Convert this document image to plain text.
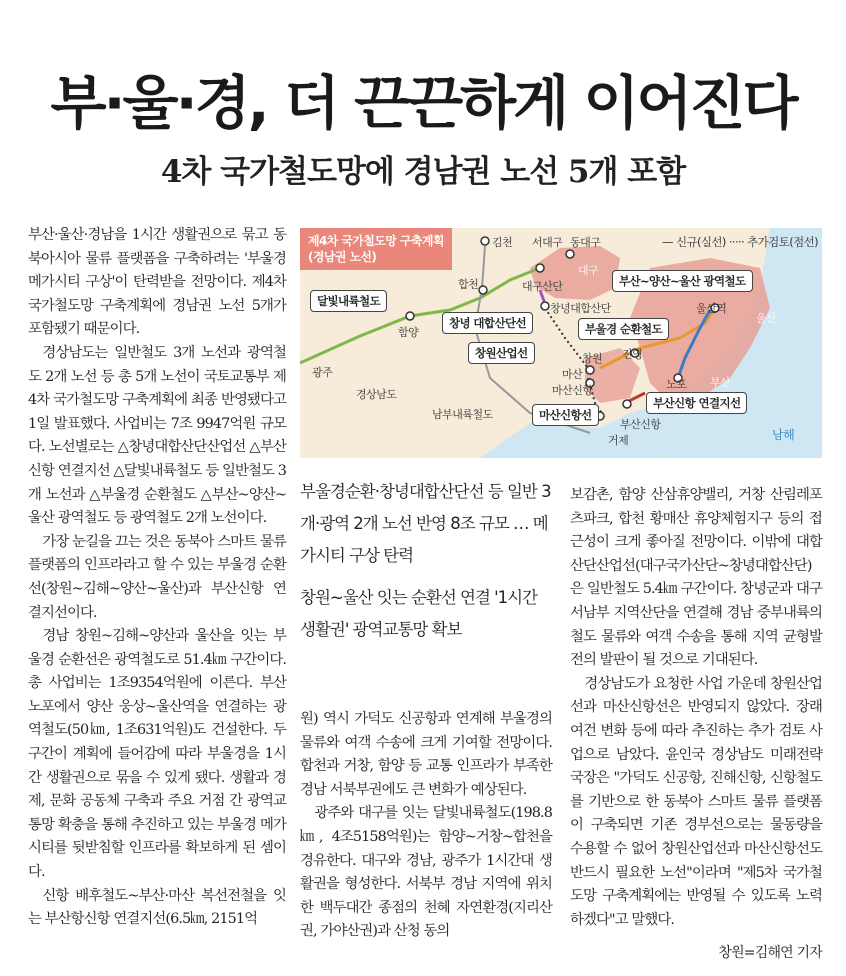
부·울·경, 더 끈끈하게 이어진다
4차 국가철도망에 경남권 노선 5개 포함
제4차 국가철도망 구축계획
(경남권 노선)
— 신규(실선) ····· 추가검토(점선)
김천 서대구 동대구
대구
대구산단
창녕대합산단
합천
함양
광주
경상남도
창원
마산
마산신항
진영
울산역
울산
노포 부산
부산신항
거제	남해
남부내륙철도
달빛내륙철도
창녕 대합산단선
창원산업선
마산신항선
부산~양산~울산 광역철도
부울경 순환철도
부산신항 연결지선

부산·울산·경남을 1시간 생활권으로 묶고 동북아시아 물류 플랫폼을 구축하려는 '부울경 메가시티 구상'이 탄력받을 전망이다. 제4차 국가철도망 구축계획에 경남권 노선 5개가 포함됐기 때문이다.

경상남도는 일반철도 3개 노선과 광역철도 2개 노선 등 총 5개 노선이 국토교통부 제4차 국가철도망 구축계획에 최종 반영됐다고 1일 발표했다. 사업비는 7조 9947억원 규모다. 노선별로는 △창녕대합산단산업선 △부산신항 연결지선 △달빛내륙철도 등 일반철도 3개 노선과 △부울경 순환철도 △부산~양산~울산 광역철도 등 광역철도 2개 노선이다.

가장 눈길을 끄는 것은 동북아 스마트 물류 플랫폼의 인프라라고 할 수 있는 부울경 순환선(창원~김해~양산~울산)과 부산신항 연결지선이다.

경남 창원~김해~양산과 울산을 잇는 부울경 순환선은 광역철도로 51.4㎞ 구간이다. 총 사업비는 1조9354억원에 이른다. 부산 노포에서 양산 웅상~울산역을 연결하는 광역철도(50㎞, 1조631억원)도 건설한다. 두 구간이 계획에 들어감에 따라 부울경을 1시간 생활권으로 묶을 수 있게 됐다. 생활과 경제, 문화 공동체 구축과 주요 거점 간 광역교통망 확충을 통해 추진하고 있는 부울경 메가시티를 뒷받침할 인프라를 확보하게 된 셈이다.

신항 배후철도~부산·마산 복선전철을 잇는 부산항신항 연결지선(6.5㎞, 2151억

부울경순환·창녕대합산단선 등 일반 3개·광역 2개 노선 반영 8조 규모 … 메가시티 구상 탄력

창원~울산 잇는 순환선 연결 '1시간 생활권' 광역교통망 확보

원) 역시 가덕도 신공항과 연계해 부울경의 물류와 여객 수송에 크게 기여할 전망이다. 합천과 거창, 함양 등 교통 인프라가 부족한 경남 서북부권에도 큰 변화가 예상된다.

광주와 대구를 잇는 달빛내륙철도(198.8㎞, 4조5158억원)는 함양~거창~합천을 경유한다. 대구와 경남, 광주가 1시간대 생활권을 형성한다. 서북부 경남 지역에 위치한 백두대간 종점의 천혜 자연환경(지리산권, 가야산권)과 산청 동의

보감촌, 함양 산삼휴양밸리, 거창 산림레포츠파크, 합천 황매산 휴양체험지구 등의 접근성이 크게 좋아질 전망이다. 이밖에 대합산단산업선(대구국가산단~창녕대합산단)은 일반철도 5.4㎞ 구간이다. 창녕군과 대구 서남부 지역산단을 연결해 경남 중부내륙의 철도 물류와 여객 수송을 통해 지역 균형발전의 발판이 될 것으로 기대된다.

경상남도가 요청한 사업 가운데 창원산업선과 마산신항선은 반영되지 않았다. 장래 여건 변화 등에 따라 추진하는 추가 검토 사업으로 남았다. 윤인국 경상남도 미래전략국장은 "가덕도 신공항, 진해신항, 신항철도를 기반으로 한 동북아 스마트 물류 플랫폼이 구축되면 기존 경부선으로는 물동량을 수용할 수 없어 창원산업선과 마산신항선도 반드시 필요한 노선"이라며 "제5차 국가철도망 구축계획에는 반영될 수 있도록 노력하겠다"고 말했다.

창원=김해연 기자
